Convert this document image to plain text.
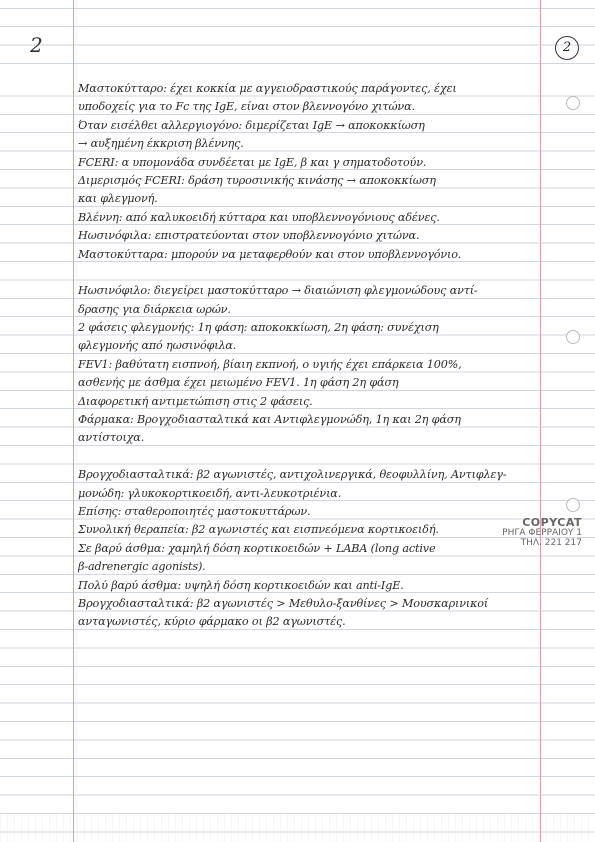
2	2
Μαστοκύτταρο: έχει κοκκία με αγγειοδραστικούς παράγοντες, έχει
υποδοχείς για το Fc της IgE, είναι στον βλεννογόνο χιτώνα.
Όταν εισέλθει αλλεργιογόνο: διμερίζεται IgE → αποκοκκίωση
→ αυξημένη έκκριση βλέννης.
FCERI: α υπομονάδα συνδέεται με IgE, β και γ σηματοδοτούν.
Διμερισμός FCERI: δράση τυροσινικής κινάσης → αποκοκκίωση
και φλεγμονή.
Βλέννη: από καλυκοειδή κύτταρα και υποβλεννογόνιους αδένες.
Ηωσινόφιλα: επιστρατεύονται στον υποβλεννογόνιο χιτώνα.
Μαστοκύτταρα: μπορούν να μεταφερθούν και στον υποβλεννογόνιο.
Ηωσινόφιλο: διεγείρει μαστοκύτταρο → διαιώνιση φλεγμονώδους αντί-
δρασης για διάρκεια ωρών.
2 φάσεις φλεγμονής: 1η φάση: αποκοκκίωση, 2η φάση: συνέχιση
φλεγμονής από ηωσινόφιλα.
FEV1: βαθύτατη εισπνοή, βίαιη εκπνοή, ο υγιής έχει επάρκεια 100%,
ασθενής με άσθμα έχει μειωμένο FEV1. 1η φάση 2η φάση
Διαφορετική αντιμετώπιση στις 2 φάσεις.
Φάρμακα: Βρογχοδιασταλτικά και Αντιφλεγμονώδη, 1η και 2η φάση
αντίστοιχα.
Βρογχοδιασταλτικά: β2 αγωνιστές, αντιχολινεργικά, θεοφυλλίνη, Αντιφλεγ-
μονώδη: γλυκοκορτικοειδή, αντι-λευκοτριένια.
Επίσης: σταθεροποιητές μαστοκυττάρων.
Συνολική θεραπεία: β2 αγωνιστές και εισπνεόμενα κορτικοειδή.
Σε βαρύ άσθμα: χαμηλή δόση κορτικοειδών + LABA (long active
β-adrenergic agonists).
Πολύ βαρύ άσθμα: υψηλή δόση κορτικοειδών και anti-IgE.
Βρογχοδιασταλτικά: β2 αγωνιστές > Μεθυλο-ξανθίνες > Μουσκαρινικοί
ανταγωνιστές, κύριο φάρμακο οι β2 αγωνιστές.
COPYCAT
ΡΗΓΑ ΦΕΡΡΑΙΟΥ 1
ΤΗΛ. 221 217
